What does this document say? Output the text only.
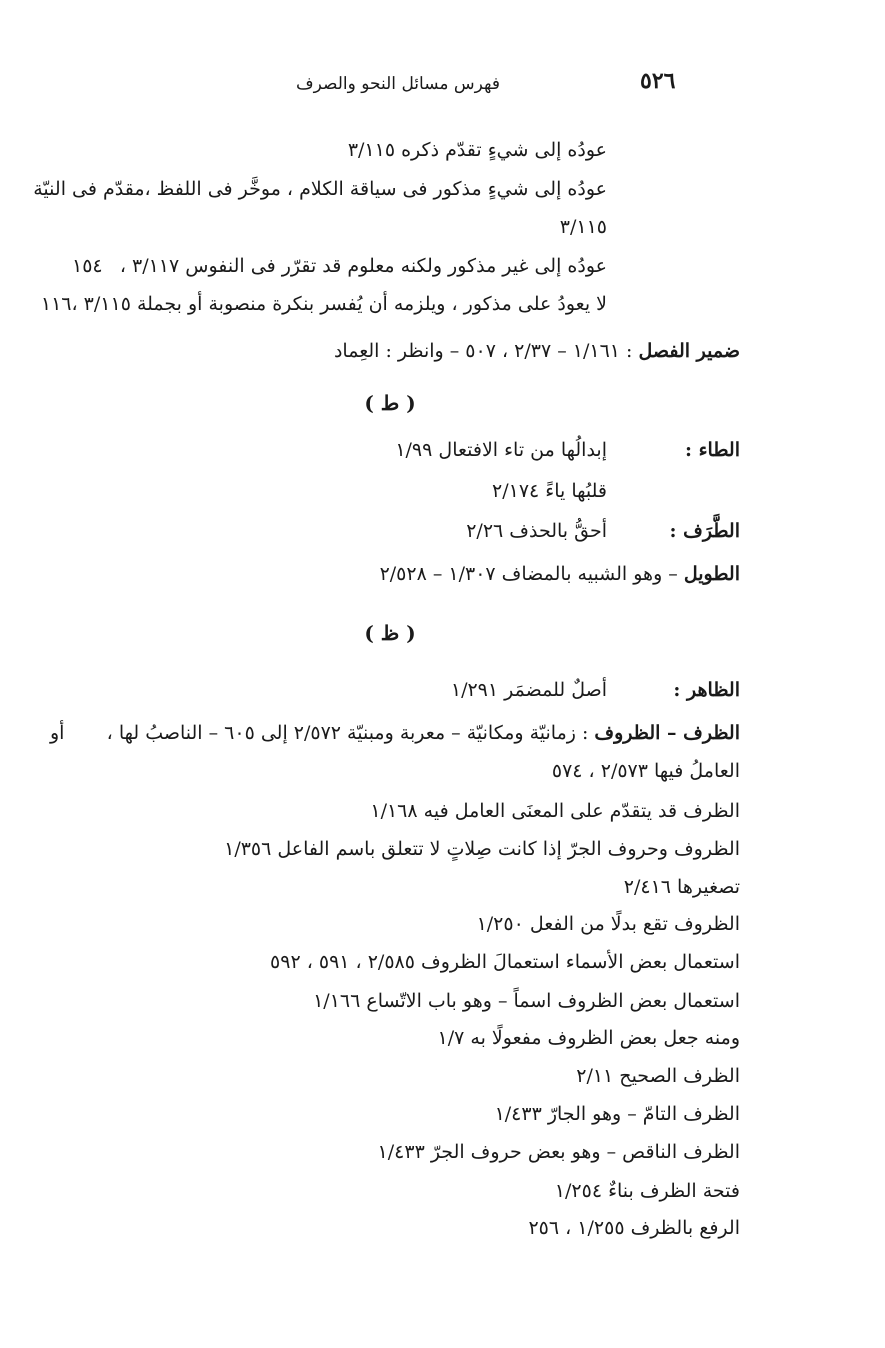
فهرس مسائل النحو والصرف	٥٢٦
عودُه إلى شيءٍ تقدّم ذكره ٣/١١٥
عودُه إلى شيءٍ مذكور فى سياقة الكلام ، موخَّر فى اللفظ ،
مقدّم فى النيّة
٣/١١٥
عودُه إلى غير مذكور ولكنه معلوم قد تقرّر فى النفوس ٣/١١٧ ،
١٥٤
لا يعودُ على مذكور ، ويلزمه أن يُفسر بنكرة منصوبة أو بجملة ٣/١١٥ ،
١١٦
ضمير الفصل : ١/١٦١ – ٢/٣٧ ، ٥٠٧ – وانظر : العِماد
( ط )
الطاء :
إبدالُها من تاء الافتعال ١/٩٩
قلبُها ياءً ٢/١٧٤
الطَّرَف :
أحقُّ بالحذف ٢/٢٦
الطويل – وهو الشبيه بالمضاف ١/٣٠٧ – ٢/٥٢٨
( ظ )
الظاهر :
أصلٌ للمضمَر ١/٢٩١
الظرف – الظروف : زمانيّة ومكانيّة – معربة ومبنيّة ٢/٥٧٢ إلى ٦٠٥ – الناصبُ لها ،
أو
العاملُ فيها ٢/٥٧٣ ، ٥٧٤
الظرف قد يتقدّم على المعنَى العامل فيه ١/١٦٨
الظروف وحروف الجرّ إذا كانت صِلاتٍ لا تتعلق باسم الفاعل ١/٣٥٦
تصغيرها ٢/٤١٦
الظروف تقع بدلًا من الفعل ١/٢٥٠
استعمال بعض الأسماء استعمالَ الظروف ٢/٥٨٥ ، ٥٩١ ، ٥٩٢
استعمال بعض الظروف اسماً – وهو باب الاتّساع ١/١٦٦
ومنه جعل بعض الظروف مفعولًا به ١/٧
الظرف الصحيح ٢/١١
الظرف التامّ – وهو الجارّ ١/٤٣٣
الظرف الناقص – وهو بعض حروف الجرّ ١/٤٣٣
فتحة الظرف بناءٌ ١/٢٥٤
الرفع بالظرف ١/٢٥٥ ، ٢٥٦
